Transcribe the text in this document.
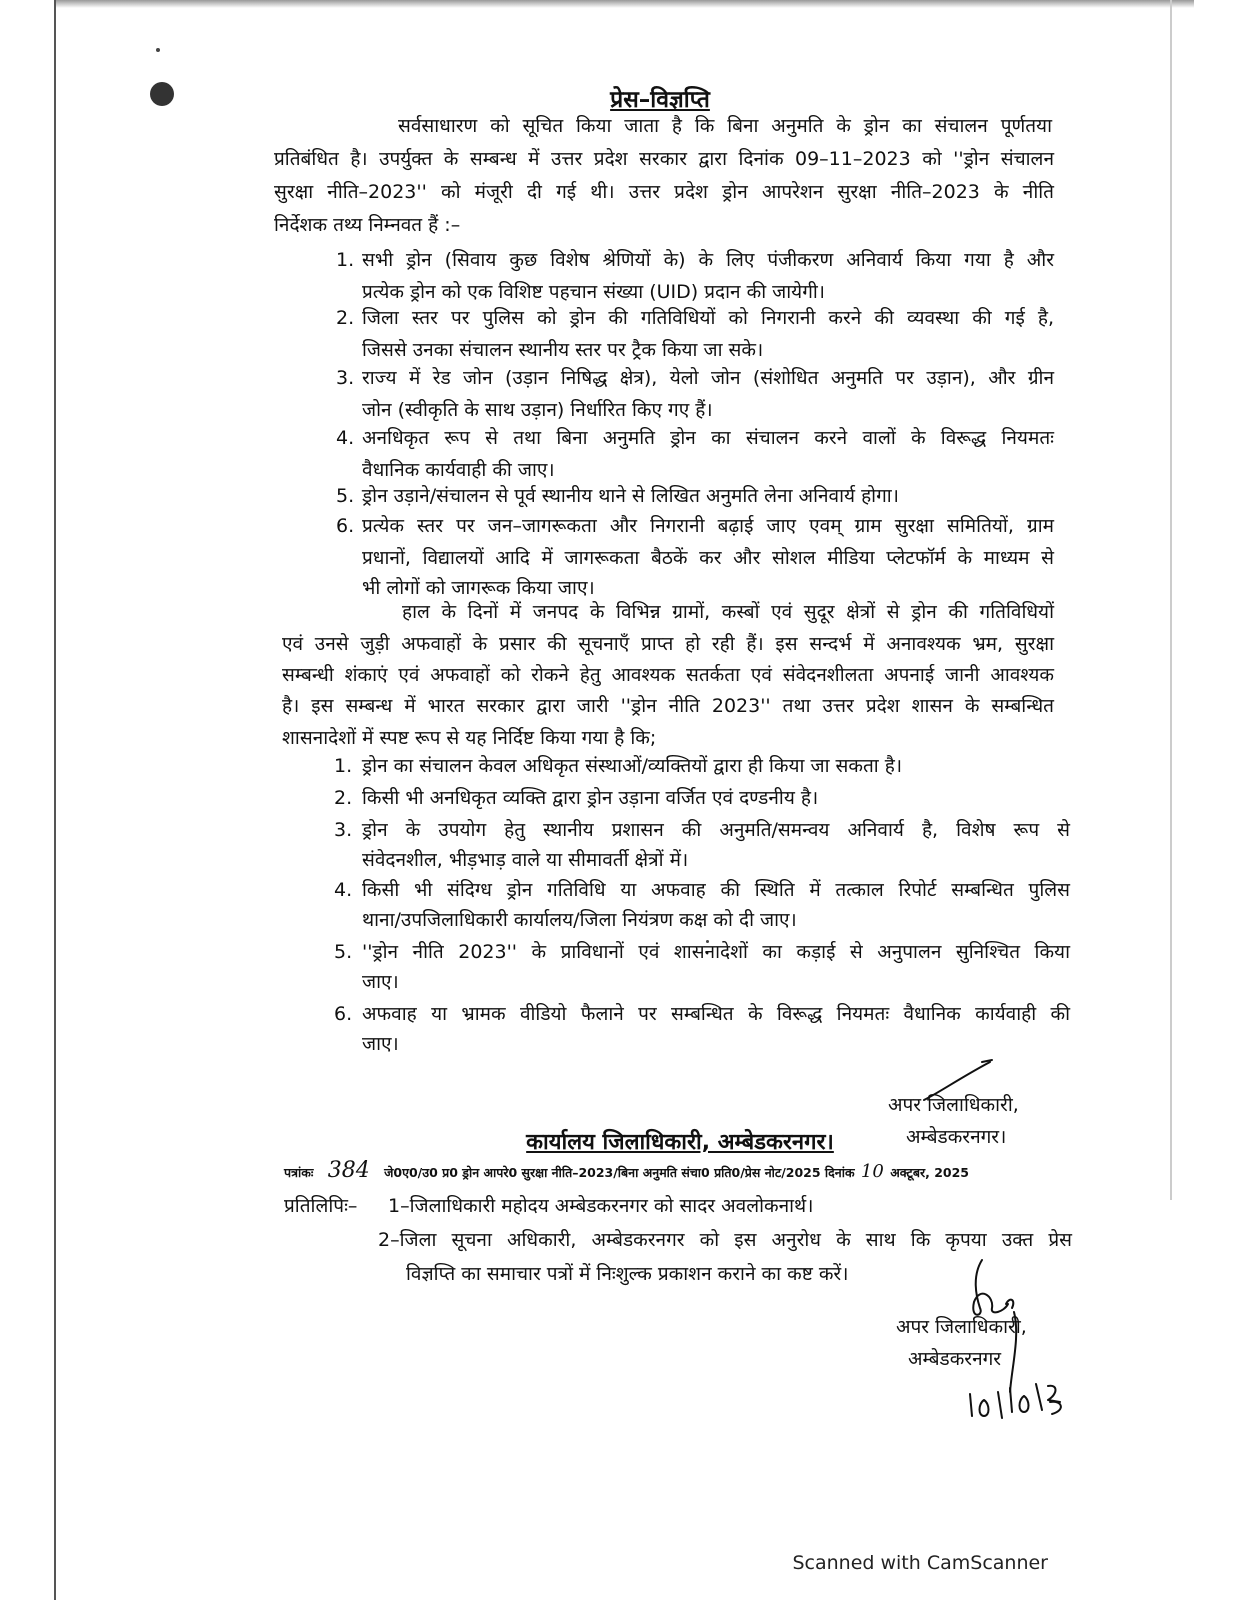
प्रेस–विज्ञप्ति
सर्वसाधारण को सूचित किया जाता है कि बिना अनुमति के ड्रोन का संचालन पूर्णतया
प्रतिबंधित है। उपर्युक्त के सम्बन्ध में उत्तर प्रदेश सरकार द्वारा दिनांक 09–11–2023 को ''ड्रोन संचालन
सुरक्षा नीति–2023'' को मंजूरी दी गई थी। उत्तर प्रदेश ड्रोन आपरेशन सुरक्षा नीति–2023 के नीति
निर्देशक तथ्य निम्नवत हैं :–
1. सभी ड्रोन (सिवाय कुछ विशेष श्रेणियों के) के लिए पंजीकरण अनिवार्य किया गया है और
प्रत्येक ड्रोन को एक विशिष्ट पहचान संख्या (UID) प्रदान की जायेगी।
2. जिला स्तर पर पुलिस को ड्रोन की गतिविधियों को निगरानी करने की व्यवस्था की गई है,
जिससे उनका संचालन स्थानीय स्तर पर ट्रैक किया जा सके।
3. राज्य में रेड जोन (उड़ान निषिद्ध क्षेत्र), येलो जोन (संशोधित अनुमति पर उड़ान), और ग्रीन
जोन (स्वीकृति के साथ उड़ान) निर्धारित किए गए हैं।
4. अनधिकृत रूप से तथा बिना अनुमति ड्रोन का संचालन करने वालों के विरूद्ध नियमतः
वैधानिक कार्यवाही की जाए।
5. ड्रोन उड़ाने/संचालन से पूर्व स्थानीय थाने से लिखित अनुमति लेना अनिवार्य होगा।
6. प्रत्येक स्तर पर जन–जागरूकता और निगरानी बढ़ाई जाए एवम् ग्राम सुरक्षा समितियों, ग्राम
प्रधानों, विद्यालयों आदि में जागरूकता बैठकें कर और सोशल मीडिया प्लेटफॉर्म के माध्यम से
भी लोगों को जागरूक किया जाए।
हाल के दिनों में जनपद के विभिन्न ग्रामों, कस्बों एवं सुदूर क्षेत्रों से ड्रोन की गतिविधियों
एवं उनसे जुड़ी अफवाहों के प्रसार की सूचनाएँ प्राप्त हो रही हैं। इस सन्दर्भ में अनावश्यक भ्रम, सुरक्षा
सम्बन्धी शंकाएं एवं अफवाहों को रोकने हेतु आवश्यक सतर्कता एवं संवेदनशीलता अपनाई जानी आवश्यक
है। इस सम्बन्ध में भारत सरकार द्वारा जारी ''ड्रोन नीति 2023'' तथा उत्तर प्रदेश शासन के सम्बन्धित
शासनादेशों में स्पष्ट रूप से यह निर्दिष्ट किया गया है कि;
1. ड्रोन का संचालन केवल अधिकृत संस्थाओं/व्यक्तियों द्वारा ही किया जा सकता है।
2. किसी भी अनधिकृत व्यक्ति द्वारा ड्रोन उड़ाना वर्जित एवं दण्डनीय है।
3. ड्रोन के उपयोग हेतु स्थानीय प्रशासन की अनुमति/समन्वय अनिवार्य है, विशेष रूप से
संवेदनशील, भीड़भाड़ वाले या सीमावर्ती क्षेत्रों में।
4. किसी भी संदिग्ध ड्रोन गतिविधि या अफवाह की स्थिति में तत्काल रिपोर्ट सम्बन्धित पुलिस
थाना/उपजिलाधिकारी कार्यालय/जिला नियंत्रण कक्ष को दी जाए।
5. ''ड्रोन नीति 2023'' के प्राविधानों एवं शासनादेशों का कड़ाई से अनुपालन सुनिश्चित किया
जाए।
6. अफवाह या भ्रामक वीडियो फैलाने पर सम्बन्धित के विरूद्ध नियमतः वैधानिक कार्यवाही की
जाए।
अपर जिलाधिकारी,
अम्बेडकरनगर।
कार्यालय जिलाधिकारी, अम्बेडकरनगर।
पत्रांकः 384 जे0ए0/उ0 प्र0 ड्रोन आपरे0 सुरक्षा नीति–2023/बिना अनुमति संचा0 प्रति0/प्रेस नोट/2025 दिनांक 10 अक्टूबर, 2025
प्रतिलिपिः– 1–जिलाधिकारी महोदय अम्बेडकरनगर को सादर अवलोकनार्थ।
2–जिला सूचना अधिकारी, अम्बेडकरनगर को इस अनुरोध के साथ कि कृपया उक्त प्रेस
विज्ञप्ति का समाचार पत्रों में निःशुल्क प्रकाशन कराने का कष्ट करें।
अपर जिलाधिकारी,
अम्बेडकरनगर
Scanned with CamScanner
